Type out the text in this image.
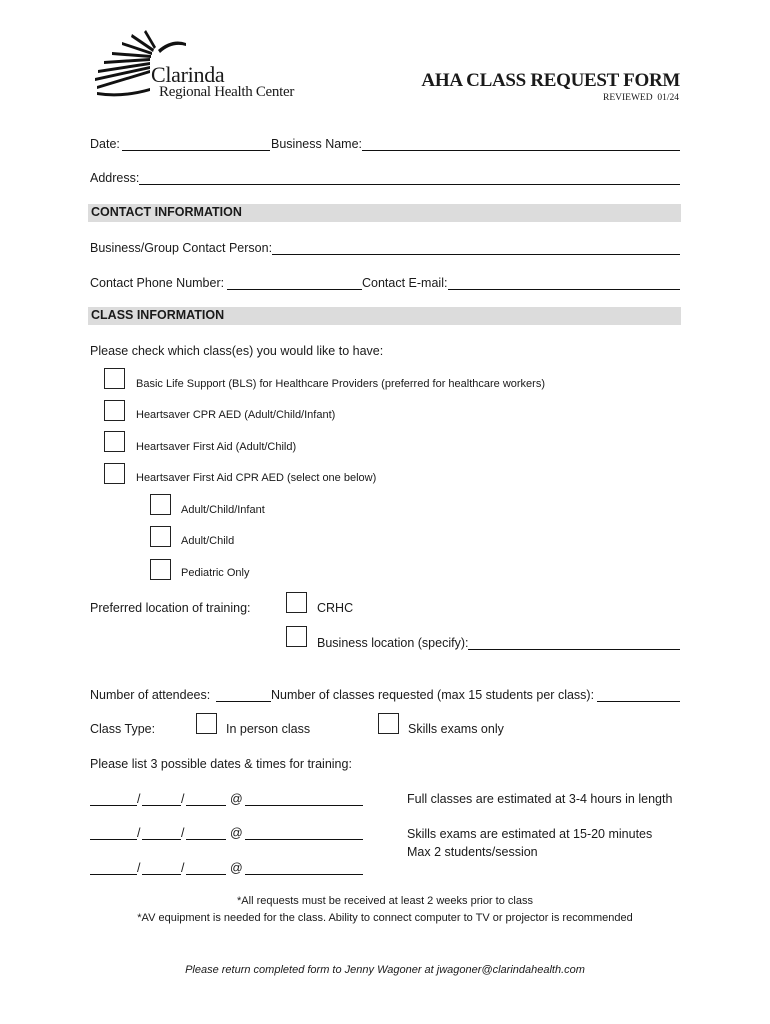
Clarinda
Regional Health Center
AHA CLASS REQUEST FORM
REVIEWED  01/24
Date:	Business Name:
Address:
CONTACT INFORMATION
Business/Group Contact Person:
Contact Phone Number:	Contact E-mail:
CLASS INFORMATION
Please check which class(es) you would like to have:
Basic Life Support (BLS) for Healthcare Providers (preferred for healthcare workers)
Heartsaver CPR AED (Adult/Child/Infant)
Heartsaver First Aid (Adult/Child)
Heartsaver First Aid CPR AED (select one below)
Adult/Child/Infant
Adult/Child
Pediatric Only
Preferred location of training:	CRHC
Business location (specify):
Number of attendees:	Number of classes requested (max 15 students per class):
Class Type:	In person class	Skills exams only
Please list 3 possible dates & times for training:
/	/	@
/	/	@
/	/	@
Full classes are estimated at 3-4 hours in length
Skills exams are estimated at 15-20 minutes
Max 2 students/session
*All requests must be received at least 2 weeks prior to class
*AV equipment is needed for the class. Ability to connect computer to TV or projector is recommended
Please return completed form to Jenny Wagoner at jwagoner@clarindahealth.com
